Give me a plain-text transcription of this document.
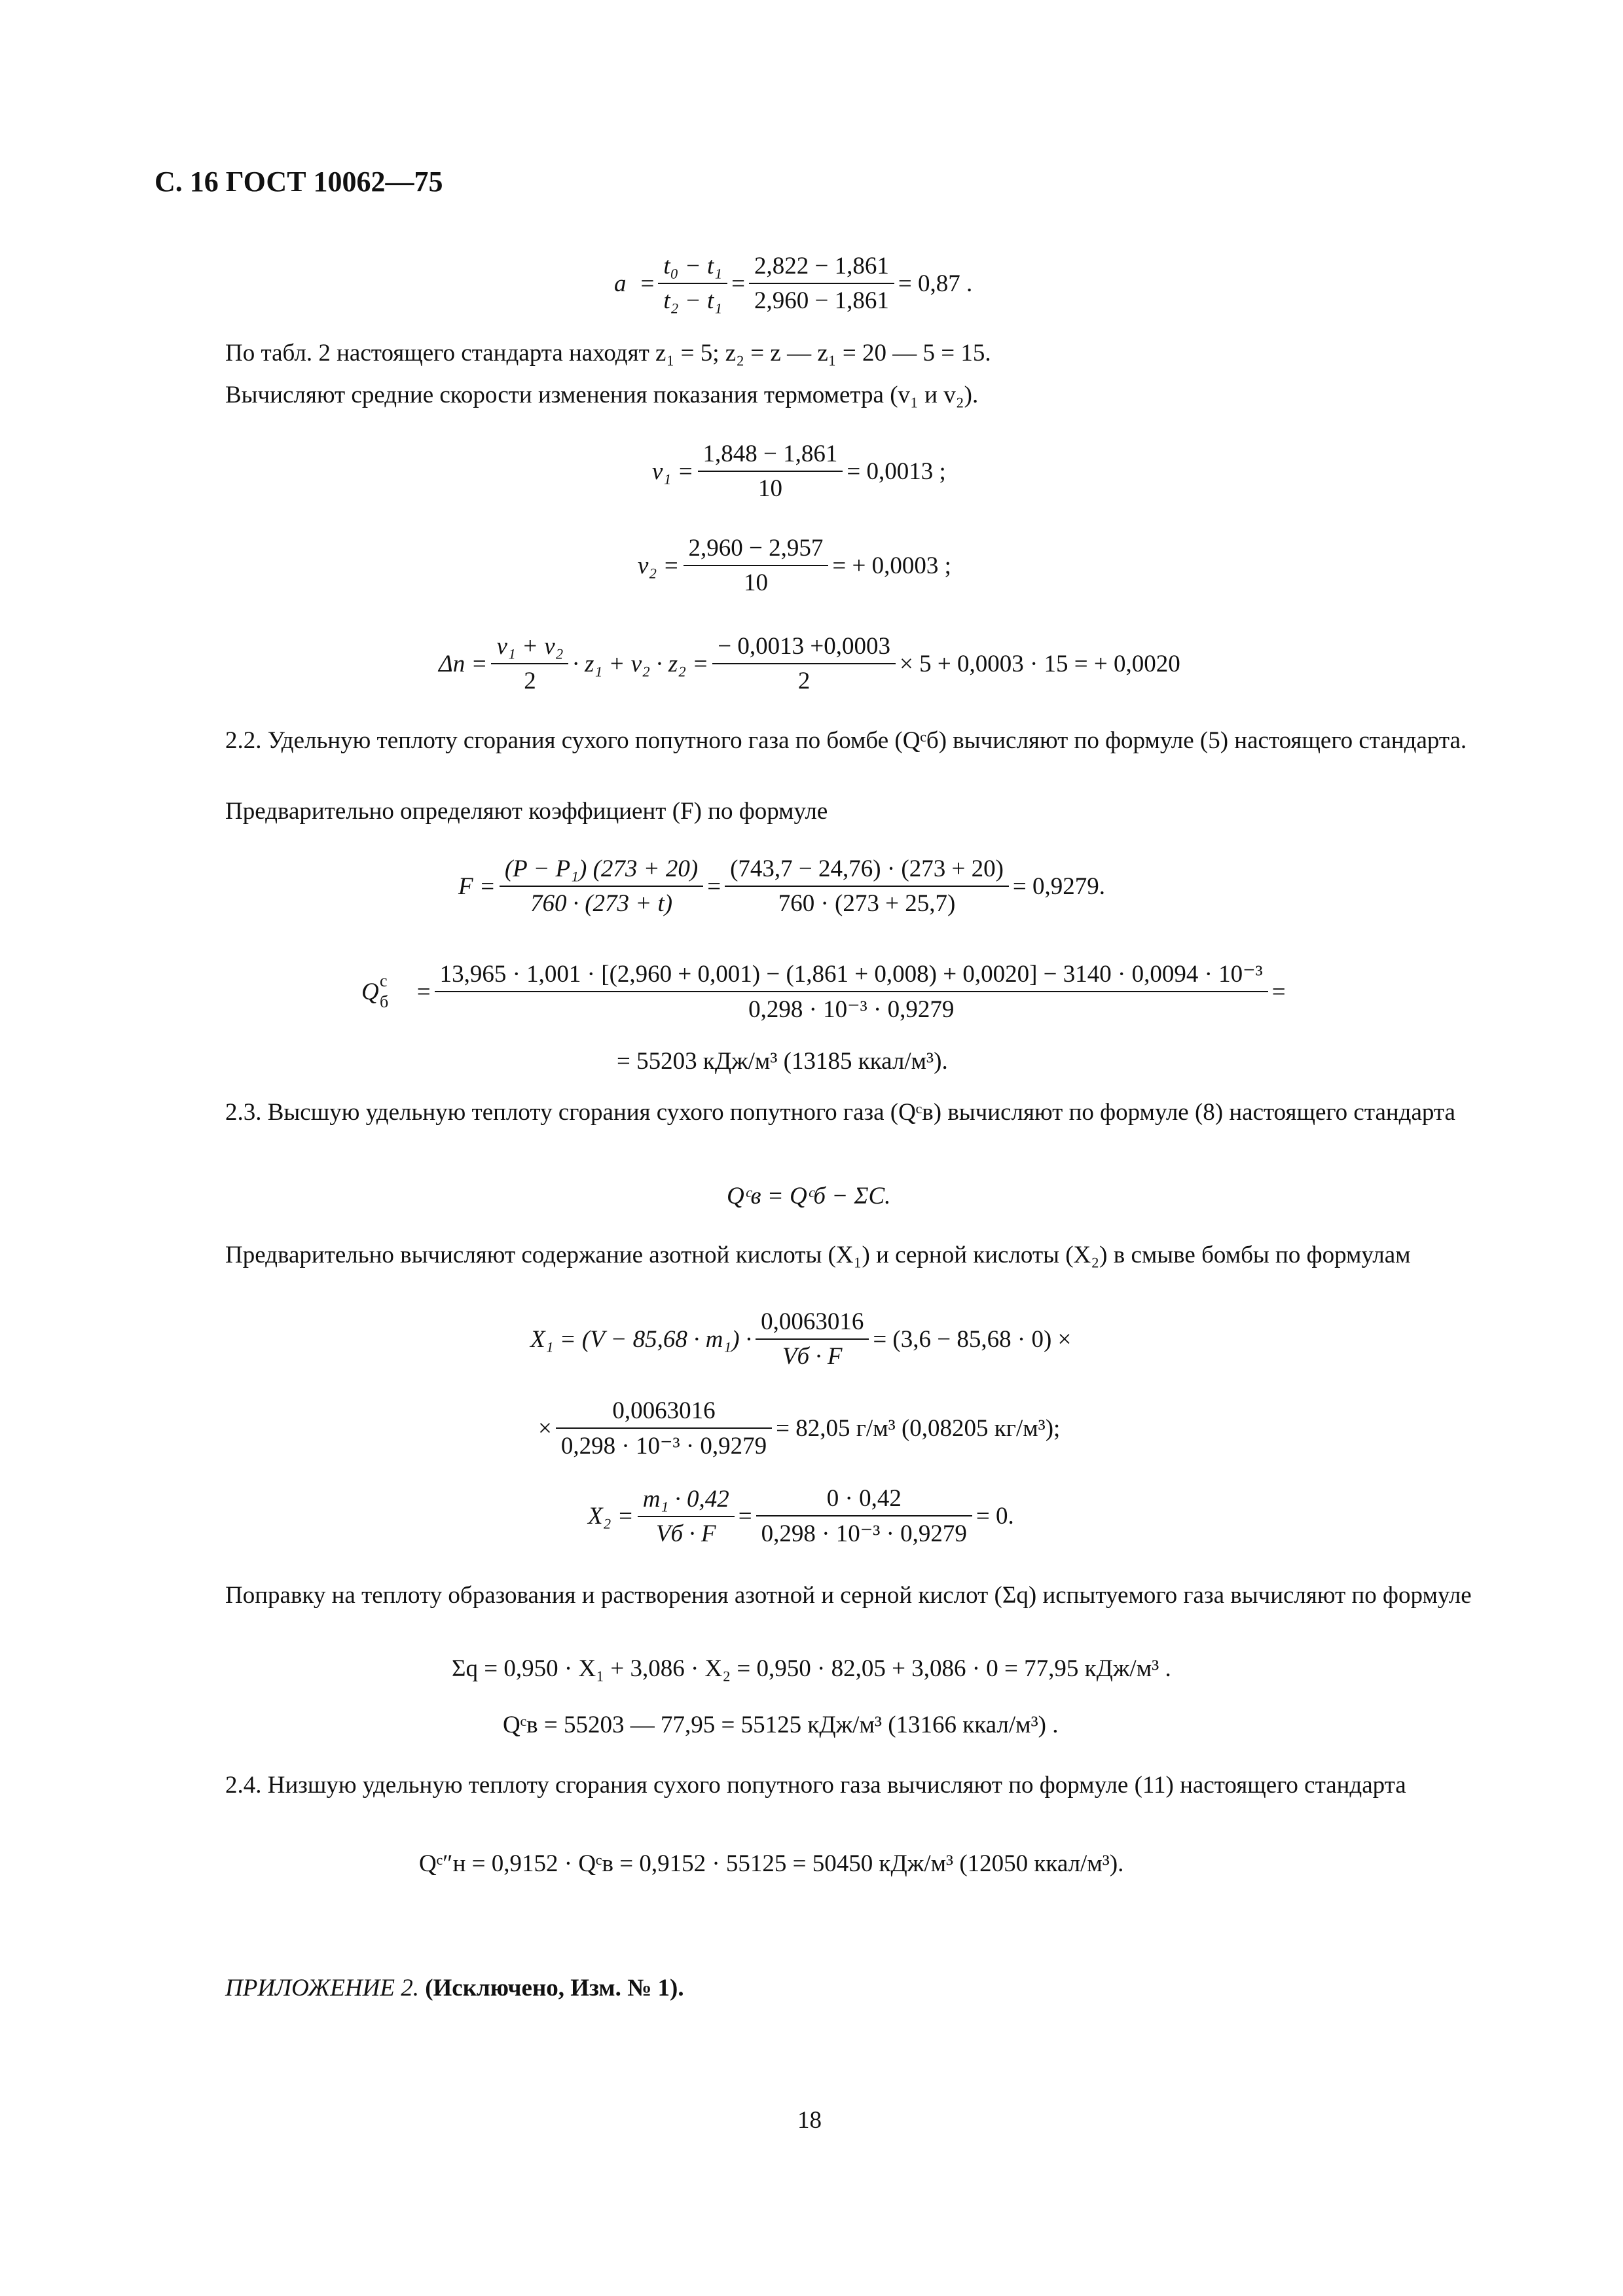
С. 16 ГОСТ 10062—75
$a = \frac{\text{t₀ − t₁}}{\text{t₂ − t₁}} = \frac{2,822 - 1,861}{2,960 - 1,861} = 0,87$ .
По табл. 2 настоящего стандарта находят z₁ = 5; z₂ = z — z₁ = 20 — 5 = 15.
Вычисляют средние скорости изменения показания термометра (v₁ и v₂).
$v_1 = \frac{1,848 - 1,861}{10} = 0,0013$ ;
$v_2 = \frac{2,960 - 2,957}{10}$ = + 0,0003 ;
$\Delta n = \frac{\text{v₁ + v₂}}{2} \cdot z_1 + v_2 \cdot z_2 = \frac{- 0,0013 +0,0003}{2} \times 5 + 0,0003 \cdot 15$ = + 0,0020
2.2. Удельную теплоту сгорания сухого попутного газа по бомбе (Qᶜб) вычисляют по формуле (5) настоящего стандарта.
Предварительно определяют коэффициент (F) по формуле
$F = \frac{\text{(P − P₁) (273 + 20)}}{760 \cdot (273 + t)} = \frac{(743,7 - 24,76) \cdot (273 + 20)}{760 \cdot (273 + 25,7)} = 0,9279$.
Q c
б =
13,965 · 1,001 · [(2,960 + 0,001) − (1,861 + 0,008) + 0,0020] − 3140 · 0,0094 · 10⁻³
0,298 · 10⁻³ · 0,9279
=
= 55203 кДж/м³ (13185 ккал/м³).
2.3. Высшую удельную теплоту сгорания сухого попутного газа (Qᶜв) вычисляют по формуле (8) настоящего стандарта
Qᶜв = Qᶜб − ΣC.
Предварительно вычисляют содержание азотной кислоты (X₁) и серной кислоты (X₂) в смыве бомбы по формулам
$X_1 = (V - 85,68 \cdot m_1) \cdot \frac{0,0063016}{Vб \cdot F} = (3,6 - 85,68 \cdot 0)$ ×
× $\frac{0,0063016}{\text{0,298 · 10⁻³ · 0,9279}} = 82,05$ г/м³ (0,08205 кг/м³);
$X_2 = \frac{\text{m₁ · 0,42}}{Vб \cdot F} = \frac{0 \cdot 0,42}{\text{0,298 · 10⁻³ · 0,9279}} = 0$.
Поправку на теплоту образования и растворения азотной и серной кислот (Σq) испытуемого газа вычисляют по формуле
Σq = 0,950 · X₁ + 3,086 · X₂ = 0,950 · 82,05 + 3,086 · 0 = 77,95 кДж/м³ .
Qᶜв = 55203 — 77,95 = 55125 кДж/м³ (13166 ккал/м³) .
2.4. Низшую удельную теплоту сгорания сухого попутного газа вычисляют по формуле (11) настоящего стандарта
Qᶜ″н = 0,9152 · Qᶜв = 0,9152 · 55125 = 50450 кДж/м³ (12050 ккал/м³).
ПРИЛОЖЕНИЕ 2. (Исключено, Изм. № 1).
18
